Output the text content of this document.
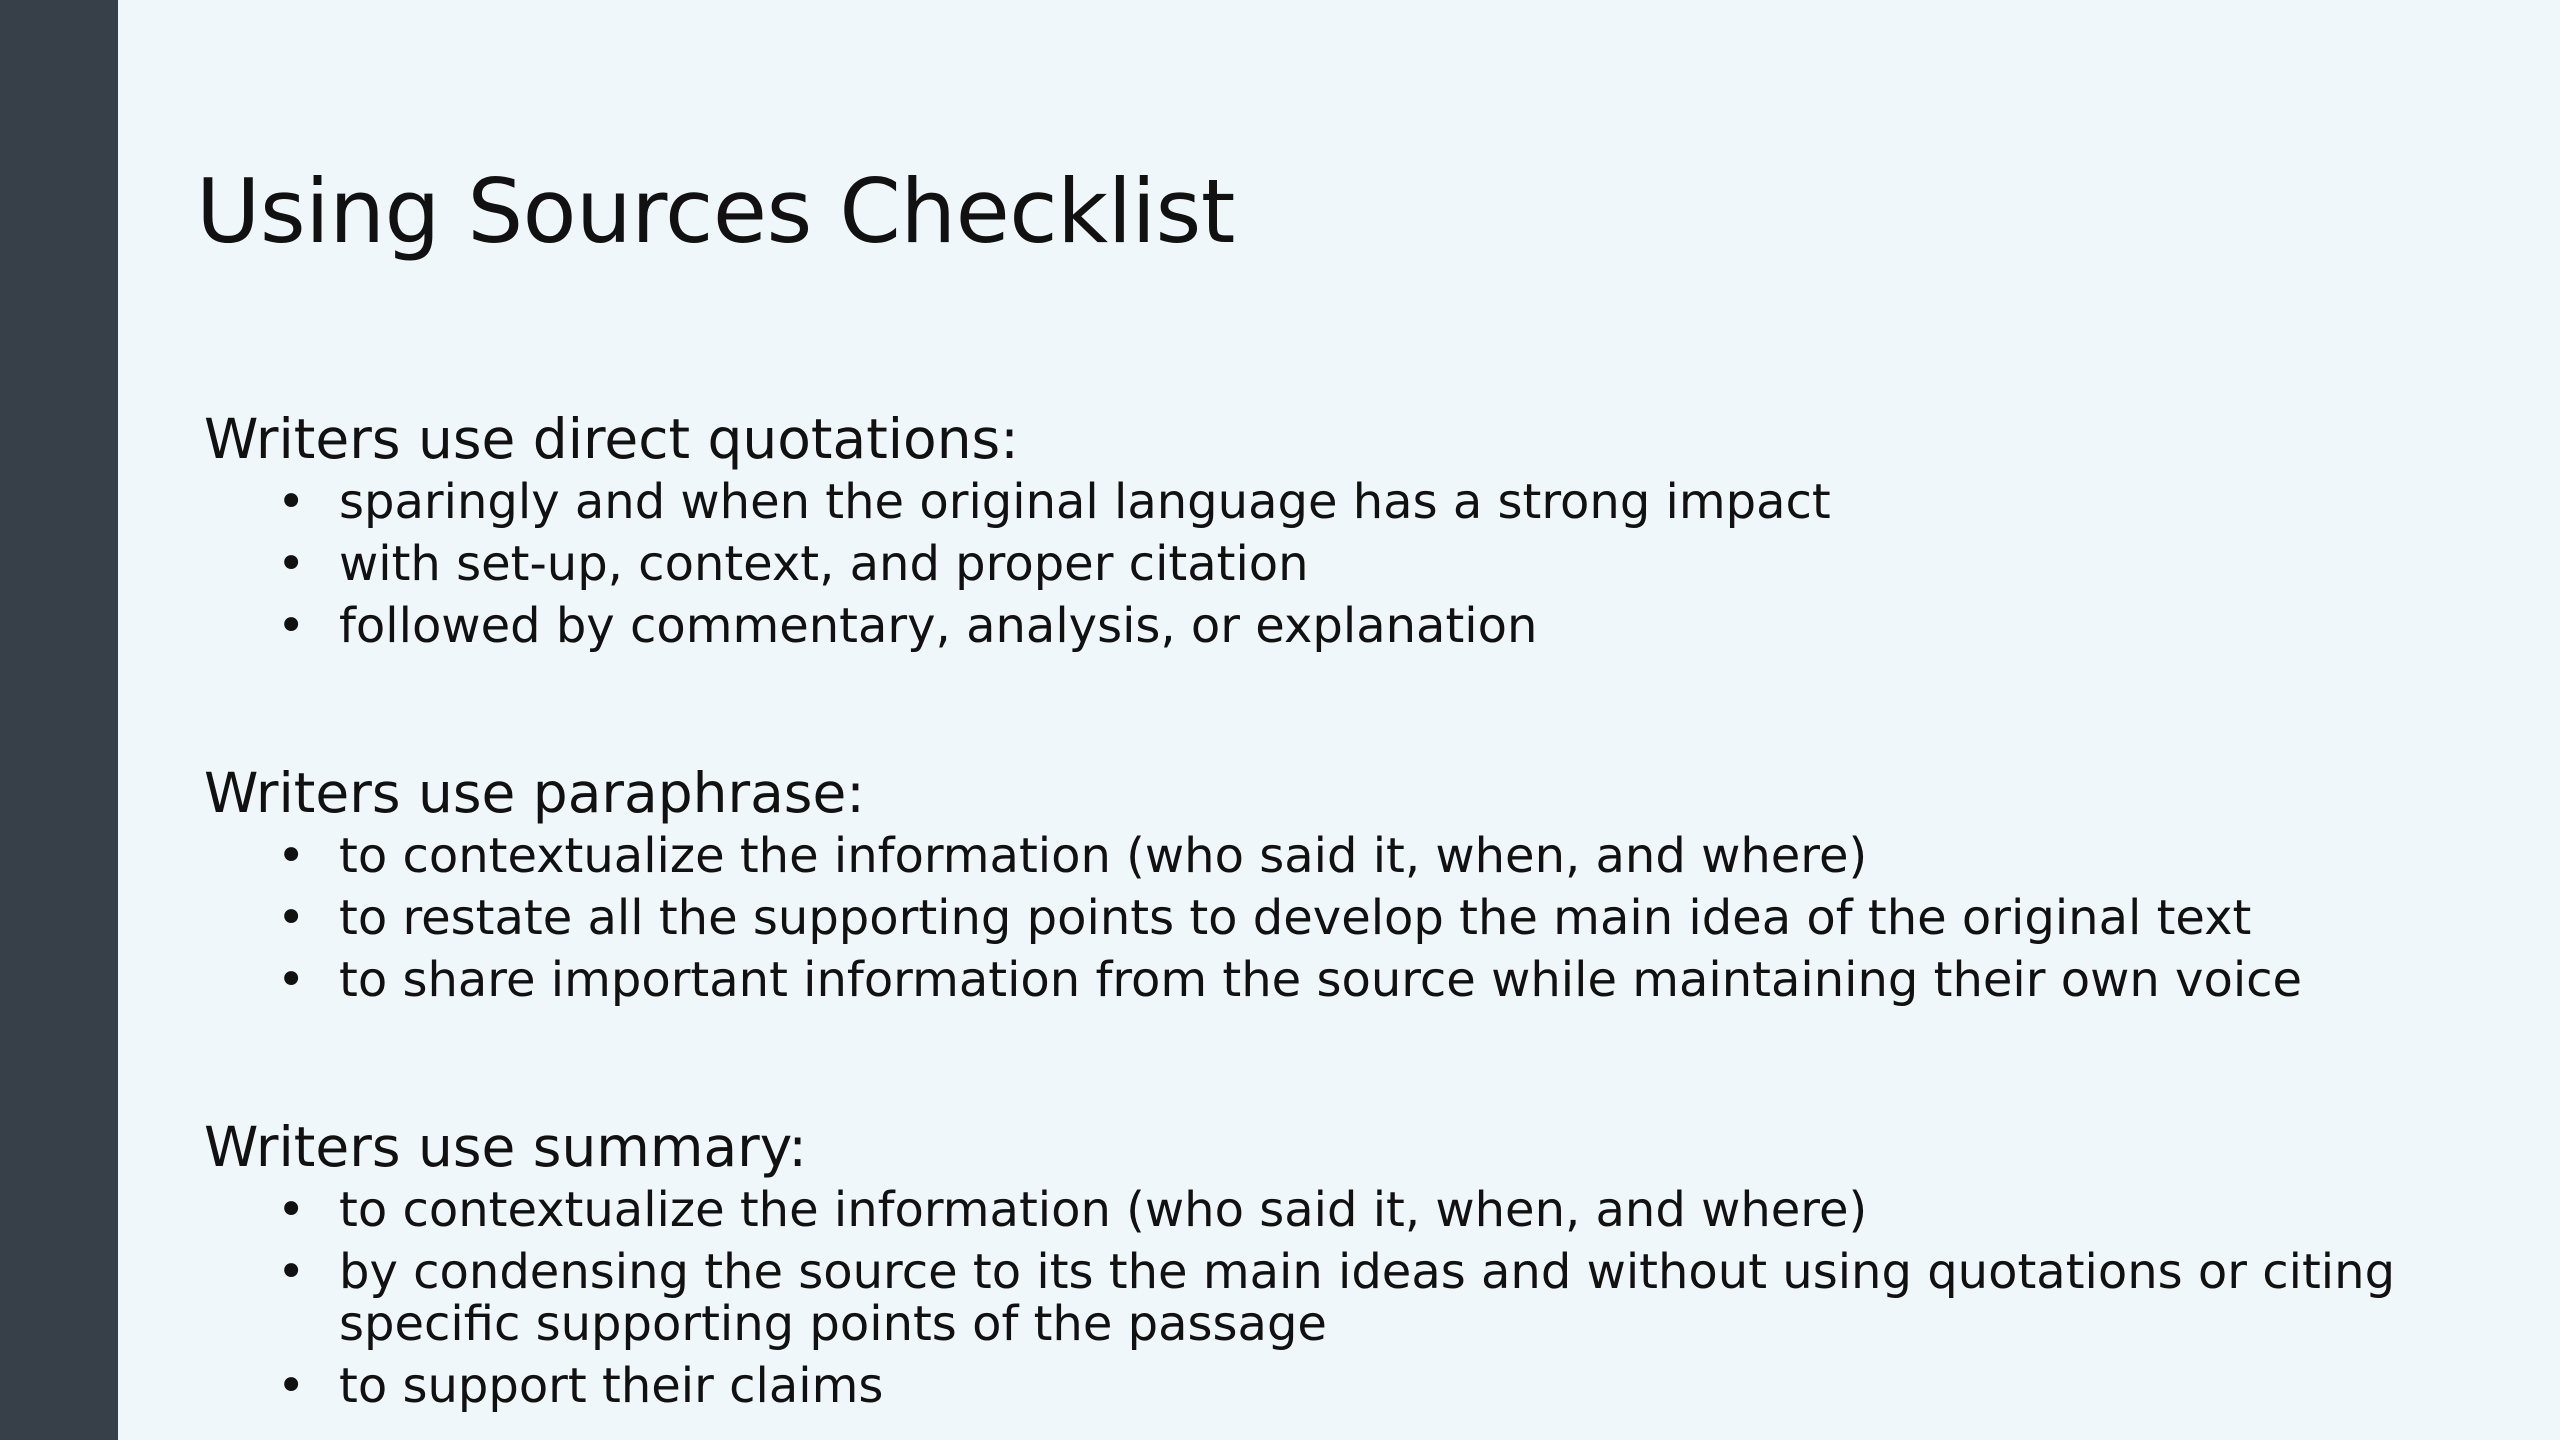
Using Sources Checklist

Writers use direct quotations:

• sparingly and when the original language has a strong impact
• with set-up, context, and proper citation
• followed by commentary, analysis, or explanation

Writers use paraphrase:

• to contextualize the information (who said it, when, and where)
• to restate all the supporting points to develop the main idea of the original text
• to share important information from the source while maintaining their own voice

Writers use summary:

• to contextualize the information (who said it, when, and where)
• by condensing the source to its the main ideas and without using quotations or citing specific supporting points of the passage
• to support their claims
